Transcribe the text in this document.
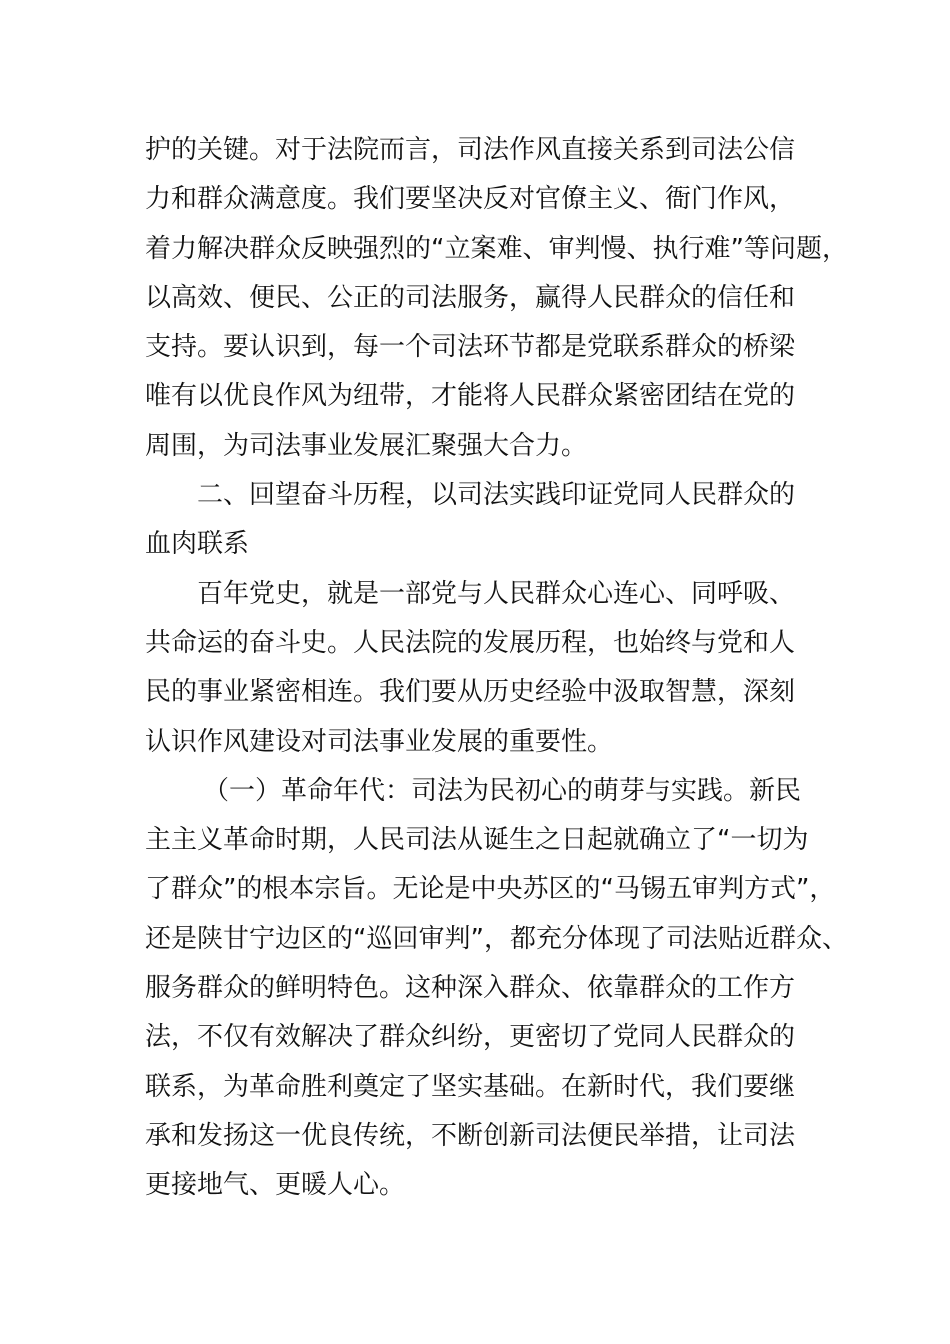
护的关键。对于法院而言，司法作风直接关系到司法公信
力和群众满意度。我们要坚决反对官僚主义、衙门作风，
着力解决群众反映强烈的“立案难、审判慢、执行难”等问题，
以高效、便民、公正的司法服务，赢得人民群众的信任和
支持。要认识到，每一个司法环节都是党联系群众的桥梁
唯有以优良作风为纽带，才能将人民群众紧密团结在党的
周围，为司法事业发展汇聚强大合力。
二、回望奋斗历程，以司法实践印证党同人民群众的
血肉联系
百年党史，就是一部党与人民群众心连心、同呼吸、
共命运的奋斗史。人民法院的发展历程，也始终与党和人
民的事业紧密相连。我们要从历史经验中汲取智慧，深刻
认识作风建设对司法事业发展的重要性。
（一）革命年代：司法为民初心的萌芽与实践。新民
主主义革命时期，人民司法从诞生之日起就确立了“一切为
了群众”的根本宗旨。无论是中央苏区的“马锡五审判方式”，
还是陕甘宁边区的“巡回审判”，都充分体现了司法贴近群众、
服务群众的鲜明特色。这种深入群众、依靠群众的工作方
法，不仅有效解决了群众纠纷，更密切了党同人民群众的
联系，为革命胜利奠定了坚实基础。在新时代，我们要继
承和发扬这一优良传统，不断创新司法便民举措，让司法
更接地气、更暖人心。
